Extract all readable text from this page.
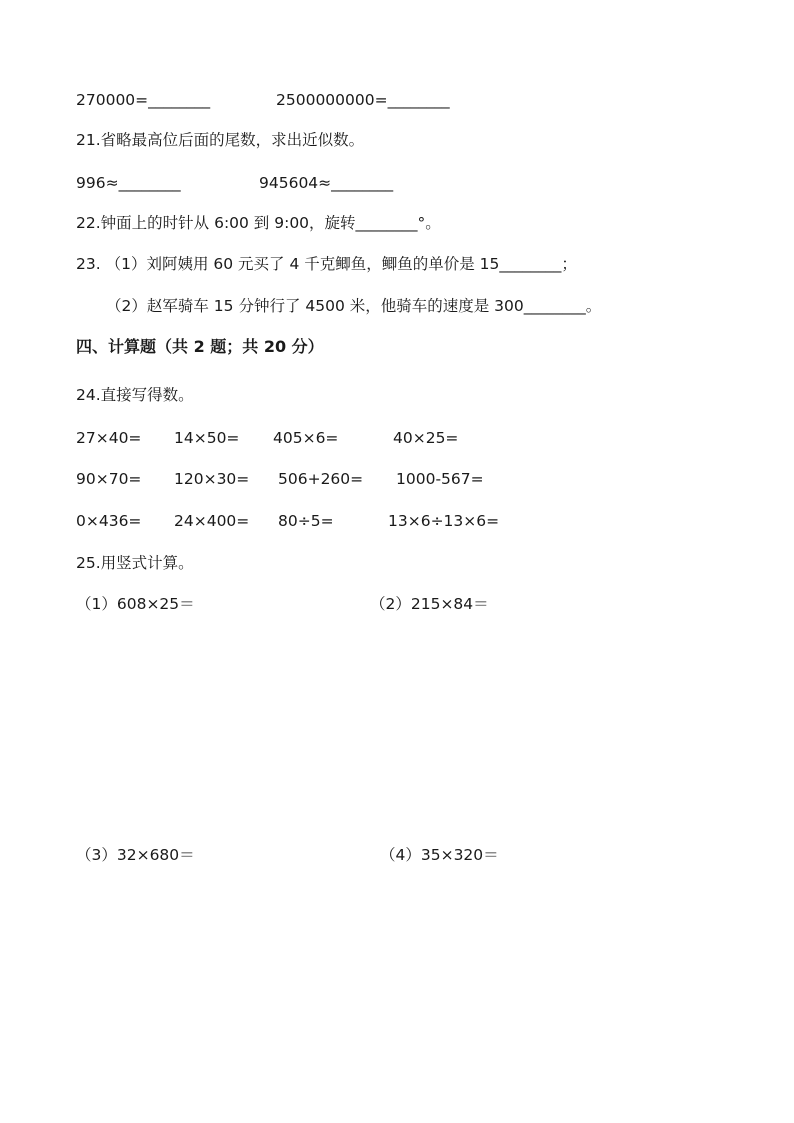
270000=________	2500000000=________
21.省略最高位后面的尾数，求出近似数。
996≈________	945604≈________
22.钟面上的时针从 6:00 到 9:00，旋转________°。
23. （1）刘阿姨用 60 元买了 4 千克鲫鱼，鲫鱼的单价是 15________；
（2）赵军骑车 15 分钟行了 4500 米，他骑车的速度是 300________。
四、计算题（共 2 题；共 20 分）
24.直接写得数。
27×40= 14×50= 405×6=	40×25=
90×70= 120×30= 506+260= 1000-567=
0×436= 24×400= 80÷5=	13×6÷13×6=
25.用竖式计算。
（1）608×25＝	（2）215×84＝
（3）32×680＝	（4）35×320＝
